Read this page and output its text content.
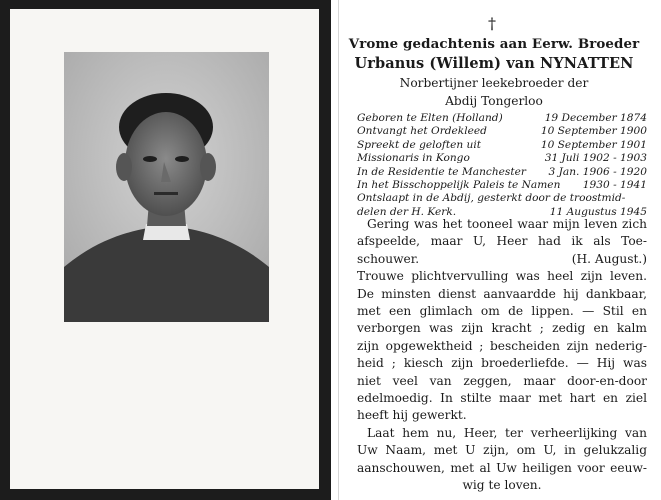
†
Vrome gedachtenis aan Eerw. Broeder
Urbanus (Willem) van NYNATTEN
Norbertijner leekebroeder der
Abdij Tongerloo
Geboren te Elten (Holland)	19 December 1874
Ontvangt het Ordekleed	10 September 1900
Spreekt de geloften uit	10 September 1901
Missionaris in Kongo	31 Juli 1902 - 1903
In de Residentie te Manchester 3 Jan. 1906 - 1920
In het Bisschoppelijk Paleis te Namen 1930 - 1941
Ontslaapt in de Abdij, gesterkt door de troostmid-
delen der H. Kerk.	11 Augustus 1945

Gering was het tooneel waar mijn leven zich
afspeelde, maar U, Heer had ik als Toe-
schouwer.	(H. August.)

Trouwe plichtvervulling was heel zijn leven.
De minsten dienst aanvaardde hij dankbaar,
met een glimlach om de lippen. — Stil en
verborgen was zijn kracht ; zedig en kalm
zijn opgewektheid ; bescheiden zijn nederig-
heid ; kiesch zijn broederliefde. — Hij was
niet veel van zeggen, maar door-en-door
edelmoedig. In stilte maar met hart en ziel
heeft hij gewerkt.

Laat hem nu, Heer, ter verheerlijking van
Uw Naam, met U zijn, om U, in gelukzalig
aanschouwen, met al Uw heiligen voor eeuw-
wig te loven.
